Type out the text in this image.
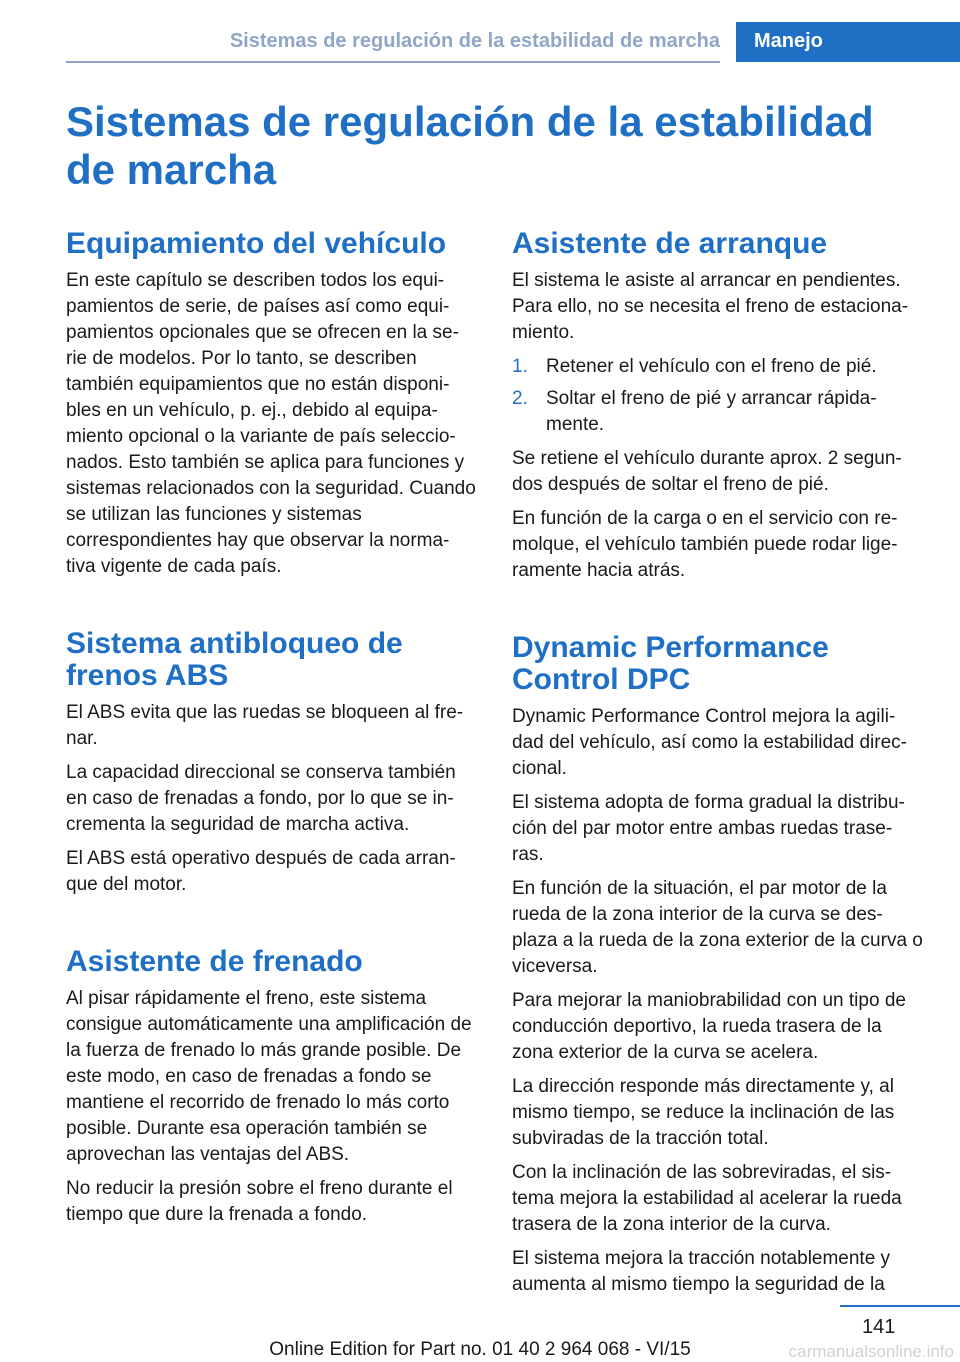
Sistemas de regulación de la estabilidad de marcha	Manejo
Sistemas de regulación de la estabilidad de marcha
Equipamiento del vehículo

En este capítulo se describen todos los equi‐ pamientos de serie, de países así como equi‐ pamientos opcionales que se ofrecen en la se‐ rie de modelos. Por lo tanto, se describen también equipamientos que no están disponi‐ bles en un vehículo, p. ej., debido al equipa‐ miento opcional o la variante de país seleccio‐ nados. Esto también se aplica para funciones y sistemas relacionados con la seguridad. Cuando se utilizan las funciones y sistemas correspondientes hay que observar la norma‐ tiva vigente de cada país.

Sistema antibloqueo de frenos ABS

El ABS evita que las ruedas se bloqueen al fre‐ nar.

La capacidad direccional se conserva también en caso de frenadas a fondo, por lo que se in‐ crementa la seguridad de marcha activa.

El ABS está operativo después de cada arran‐ que del motor.

Asistente de frenado

Al pisar rápidamente el freno, este sistema consigue automáticamente una amplificación de la fuerza de frenado lo más grande posible. De este modo, en caso de frenadas a fondo se mantiene el recorrido de frenado lo más corto posible. Durante esa operación también se aprovechan las ventajas del ABS.

No reducir la presión sobre el freno durante el tiempo que dure la frenada a fondo.

Asistente de arranque

El sistema le asiste al arrancar en pendientes. Para ello, no se necesita el freno de estaciona‐ miento.

1. Retener el vehículo con el freno de pié.
2. Soltar el freno de pié y arrancar rápida‐ mente.

Se retiene el vehículo durante aprox. 2 segun‐ dos después de soltar el freno de pié.

En función de la carga o en el servicio con re‐ molque, el vehículo también puede rodar lige‐ ramente hacia atrás.

Dynamic Performance Control DPC

Dynamic Performance Control mejora la agili‐ dad del vehículo, así como la estabilidad direc‐ cional.

El sistema adopta de forma gradual la distribu‐ ción del par motor entre ambas ruedas trase‐ ras.

En función de la situación, el par motor de la rueda de la zona interior de la curva se des‐ plaza a la rueda de la zona exterior de la curva o viceversa.

Para mejorar la maniobrabilidad con un tipo de conducción deportivo, la rueda trasera de la zona exterior de la curva se acelera.

La dirección responde más directamente y, al mismo tiempo, se reduce la inclinación de las subviradas de la tracción total.

Con la inclinación de las sobreviradas, el sis‐ tema mejora la estabilidad al acelerar la rueda trasera de la zona interior de la curva.

El sistema mejora la tracción notablemente y aumenta al mismo tiempo la seguridad de la

141
Online Edition for Part no. 01 40 2 964 068 - VI/15	carmanualsonline.info
